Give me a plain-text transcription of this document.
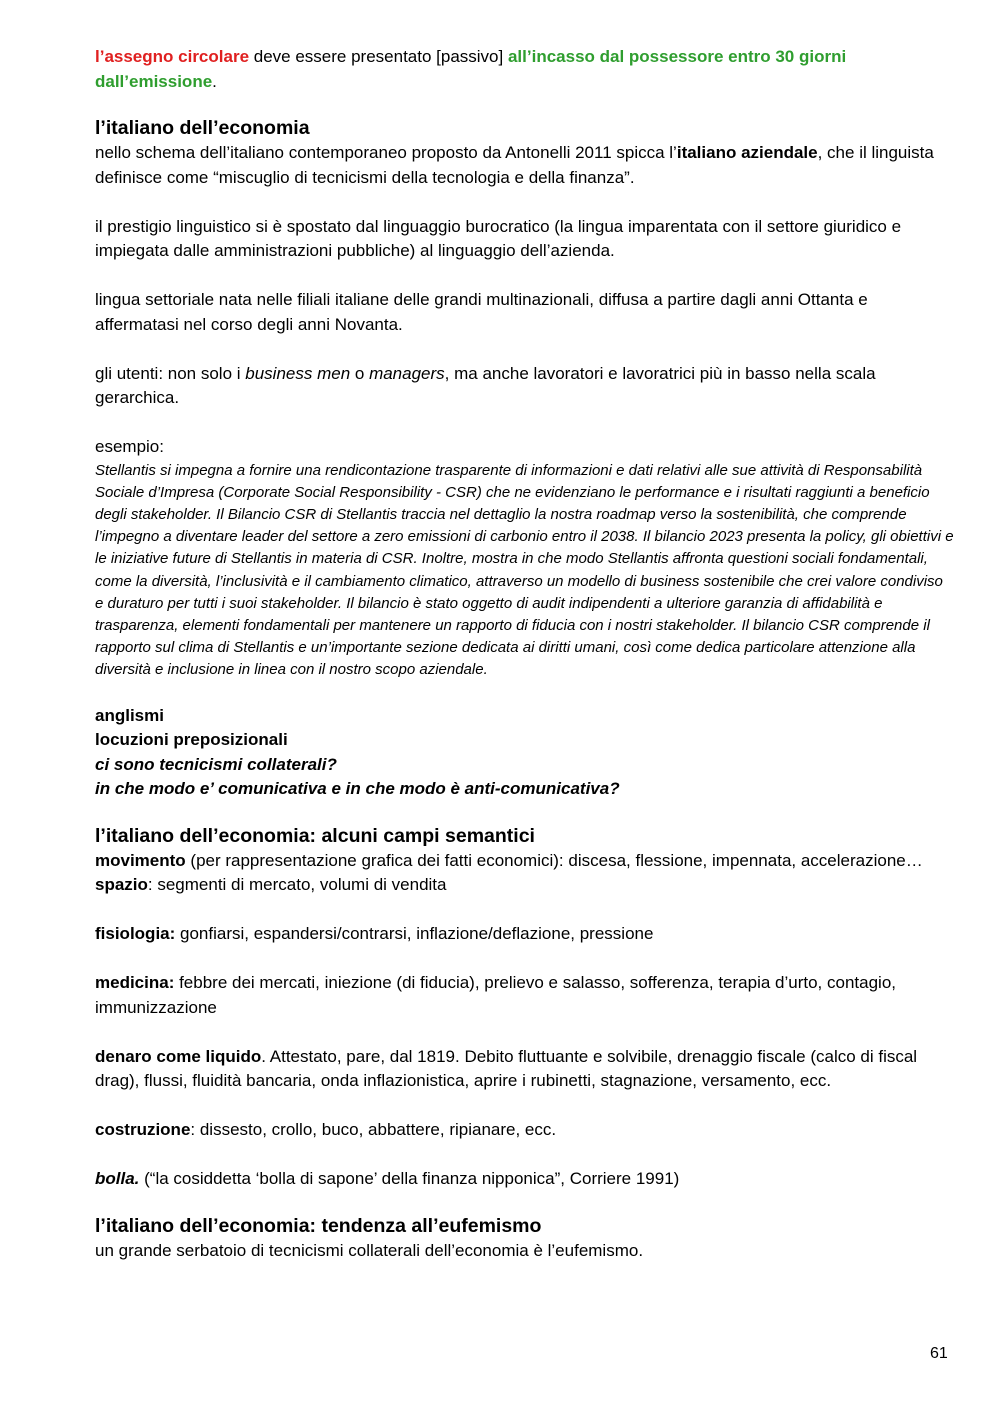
l’assegno circolare deve essere presentato [passivo] all’incasso dal possessore entro 30 giorni dall’emissione.

l’italiano dell’economia

nello schema dell’italiano contemporaneo proposto da Antonelli 2011 spicca l’italiano aziendale, che il linguista definisce come “miscuglio di tecnicismi della tecnologia e della finanza”.

il prestigio linguistico si è spostato dal linguaggio burocratico (la lingua imparentata con il settore giuridico e impiegata dalle amministrazioni pubbliche) al linguaggio dell’azienda.

lingua settoriale nata nelle filiali italiane delle grandi multinazionali, diffusa a partire dagli anni Ottanta e affermatasi nel corso degli anni Novanta.

gli utenti: non solo i business men o managers, ma anche lavoratori e lavoratrici più in basso nella scala gerarchica.

esempio:

Stellantis si impegna a fornire una rendicontazione trasparente di informazioni e dati relativi alle sue attività di Responsabilità Sociale d’Impresa (Corporate Social Responsibility - CSR) che ne evidenziano le performance e i risultati raggiunti a beneficio degli stakeholder. Il Bilancio CSR di Stellantis traccia nel dettaglio la nostra roadmap verso la sostenibilità, che comprende l’impegno a diventare leader del settore a zero emissioni di carbonio entro il 2038. Il bilancio 2023 presenta la policy, gli obiettivi e le iniziative future di Stellantis in materia di CSR. Inoltre, mostra in che modo Stellantis affronta questioni sociali fondamentali, come la diversità, l’inclusività e il cambiamento climatico, attraverso un modello di business sostenibile che crei valore condiviso e duraturo per tutti i suoi stakeholder. Il bilancio è stato oggetto di audit indipendenti a ulteriore garanzia di affidabilità e trasparenza, elementi fondamentali per mantenere un rapporto di fiducia con i nostri stakeholder. Il bilancio CSR comprende il rapporto sul clima di Stellantis e un’importante sezione dedicata ai diritti umani, così come dedica particolare attenzione alla diversità e inclusione in linea con il nostro scopo aziendale.

anglismi

locuzioni preposizionali

ci sono tecnicismi collaterali?

in che modo e’ comunicativa e in che modo è anti-comunicativa?

l’italiano dell’economia: alcuni campi semantici

movimento (per rappresentazione grafica dei fatti economici): discesa, flessione, impennata, accelerazione…

spazio: segmenti di mercato, volumi di vendita

fisiologia: gonfiarsi, espandersi/contrarsi, inflazione/deflazione, pressione

medicina: febbre dei mercati, iniezione (di fiducia), prelievo e salasso, sofferenza, terapia d’urto, contagio, immunizzazione

denaro come liquido. Attestato, pare, dal 1819. Debito fluttuante e solvibile, drenaggio fiscale (calco di fiscal drag), flussi, fluidità bancaria, onda inflazionistica, aprire i rubinetti, stagnazione, versamento, ecc.

costruzione: dissesto, crollo, buco, abbattere, ripianare, ecc.

bolla. (“la cosiddetta ‘bolla di sapone’ della finanza nipponica”, Corriere 1991)

l’italiano dell’economia: tendenza all’eufemismo

un grande serbatoio di tecnicismi collaterali dell’economia è l’eufemismo.

61
